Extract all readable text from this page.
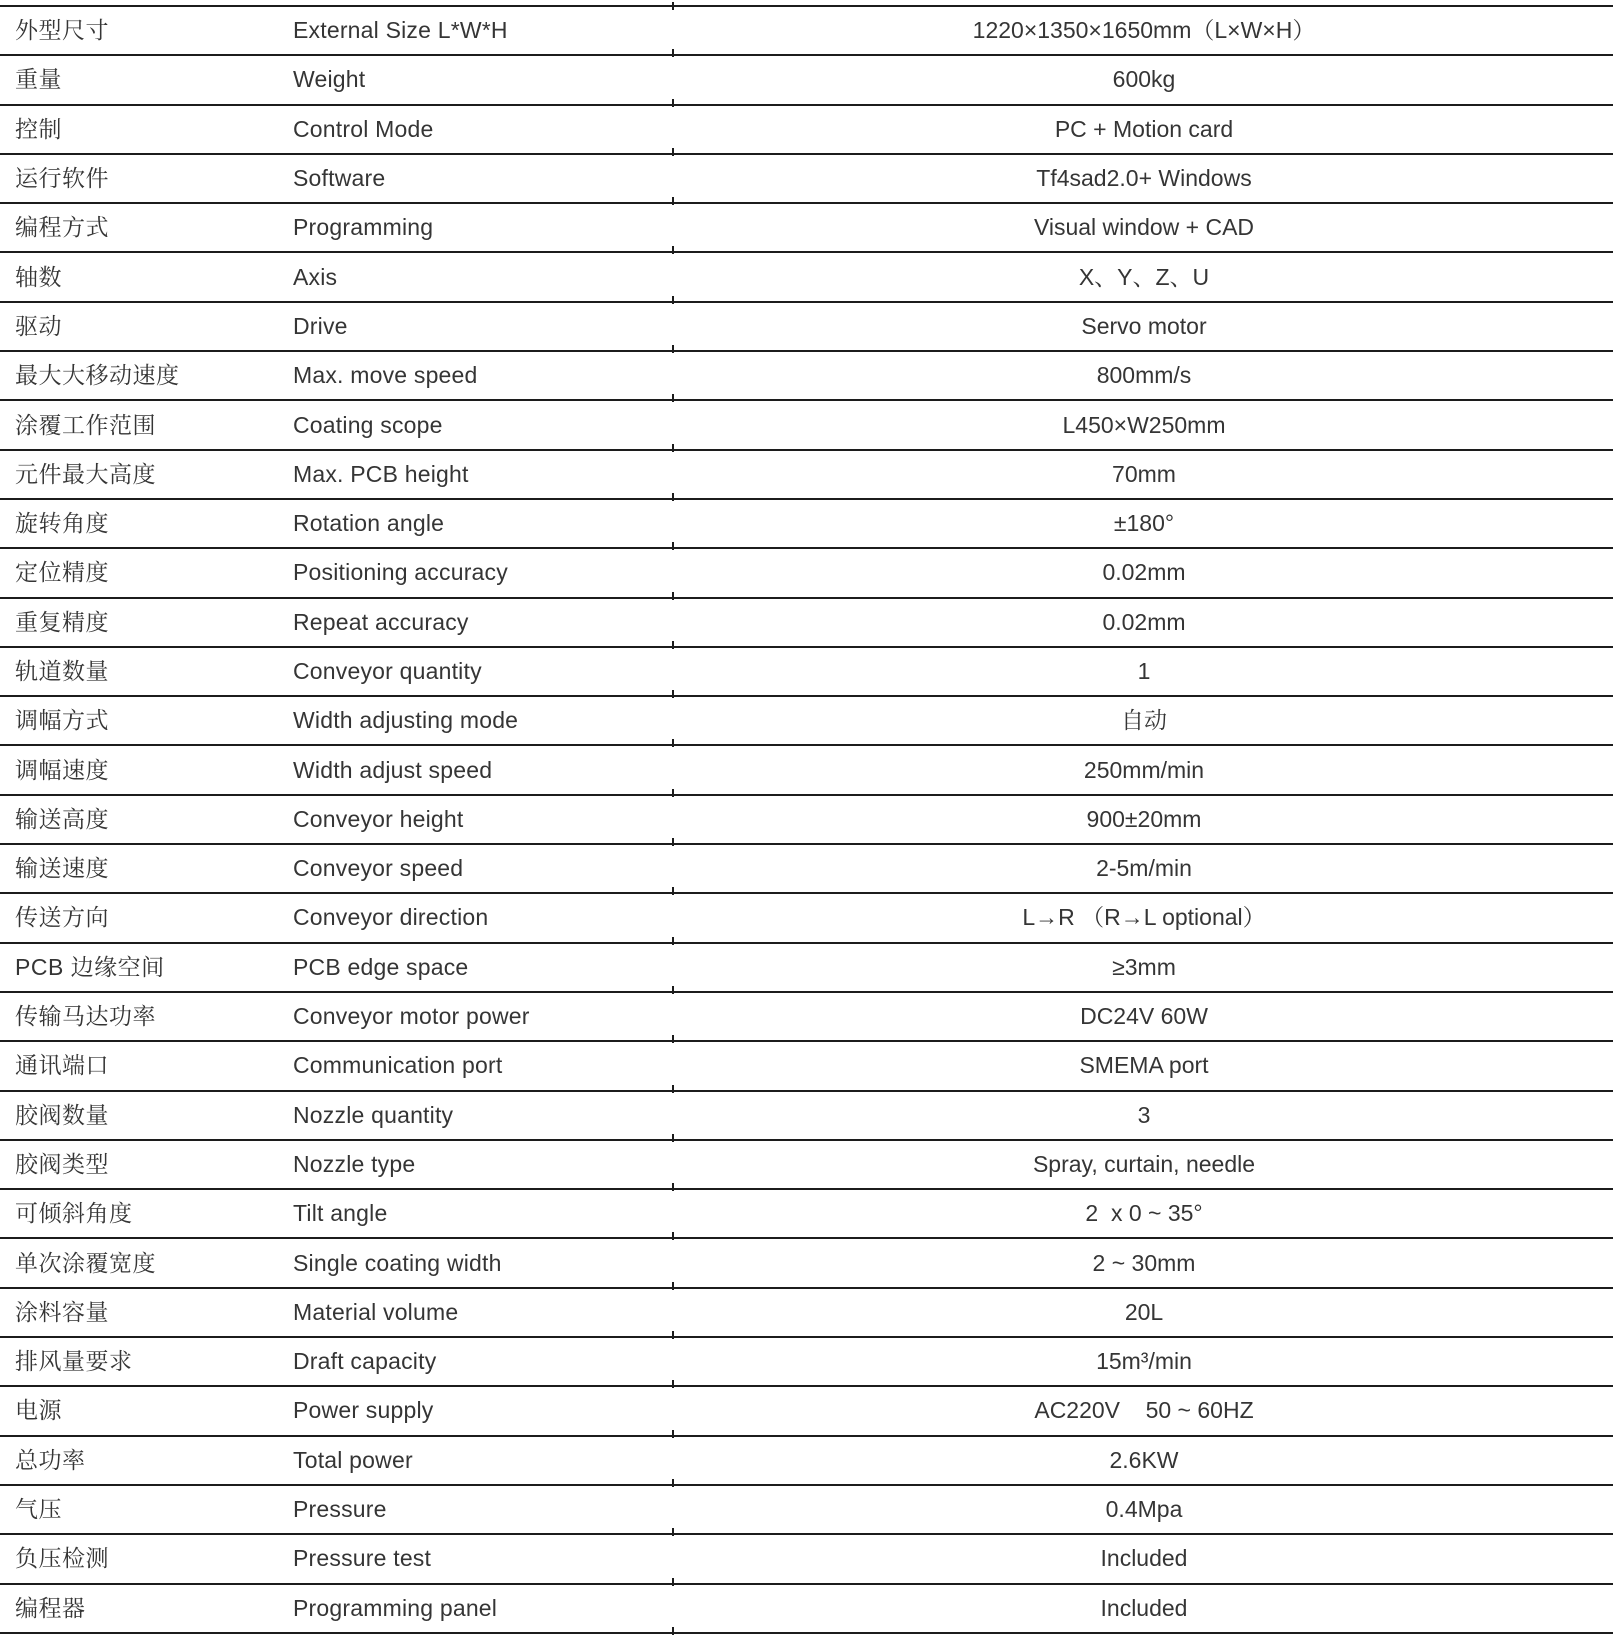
外型尺寸	External Size L*W*H	1220×1350×1650mm（L×W×H）
重量	Weight	600kg
控制	Control Mode	PC + Motion card
运行软件	Software	Tf4sad2.0+ Windows
编程方式	Programming	Visual window + CAD
轴数	Axis	X、Y、Z、U
驱动	Drive	Servo motor
最大大移动速度	Max. move speed	800mm/s
涂覆工作范围	Coating scope	L450×W250mm
元件最大高度	Max. PCB height	70mm
旋转角度	Rotation angle	±180°
定位精度	Positioning accuracy	0.02mm
重复精度	Repeat accuracy	0.02mm
轨道数量	Conveyor quantity	1
调幅方式	Width adjusting mode	自动
调幅速度	Width adjust speed	250mm/min
输送高度	Conveyor height	900±20mm
输送速度	Conveyor speed	2-5m/min
传送方向	Conveyor direction	L→R （R→L optional）
PCB 边缘空间	PCB edge space	≥3mm
传输马达功率	Conveyor motor power	DC24V 60W
通讯端口	Communication port	SMEMA port
胶阀数量	Nozzle quantity	3
胶阀类型	Nozzle type	Spray, curtain, needle
可倾斜角度	Tilt angle	2  x 0 ~ 35°
单次涂覆宽度	Single coating width	2 ~ 30mm
涂料容量	Material volume	20L
排风量要求	Draft capacity	15m³/min
电源	Power supply	AC220V    50 ~ 60HZ
总功率	Total power	2.6KW
气压	Pressure	0.4Mpa
负压检测	Pressure test	Included
编程器	Programming panel	Included
